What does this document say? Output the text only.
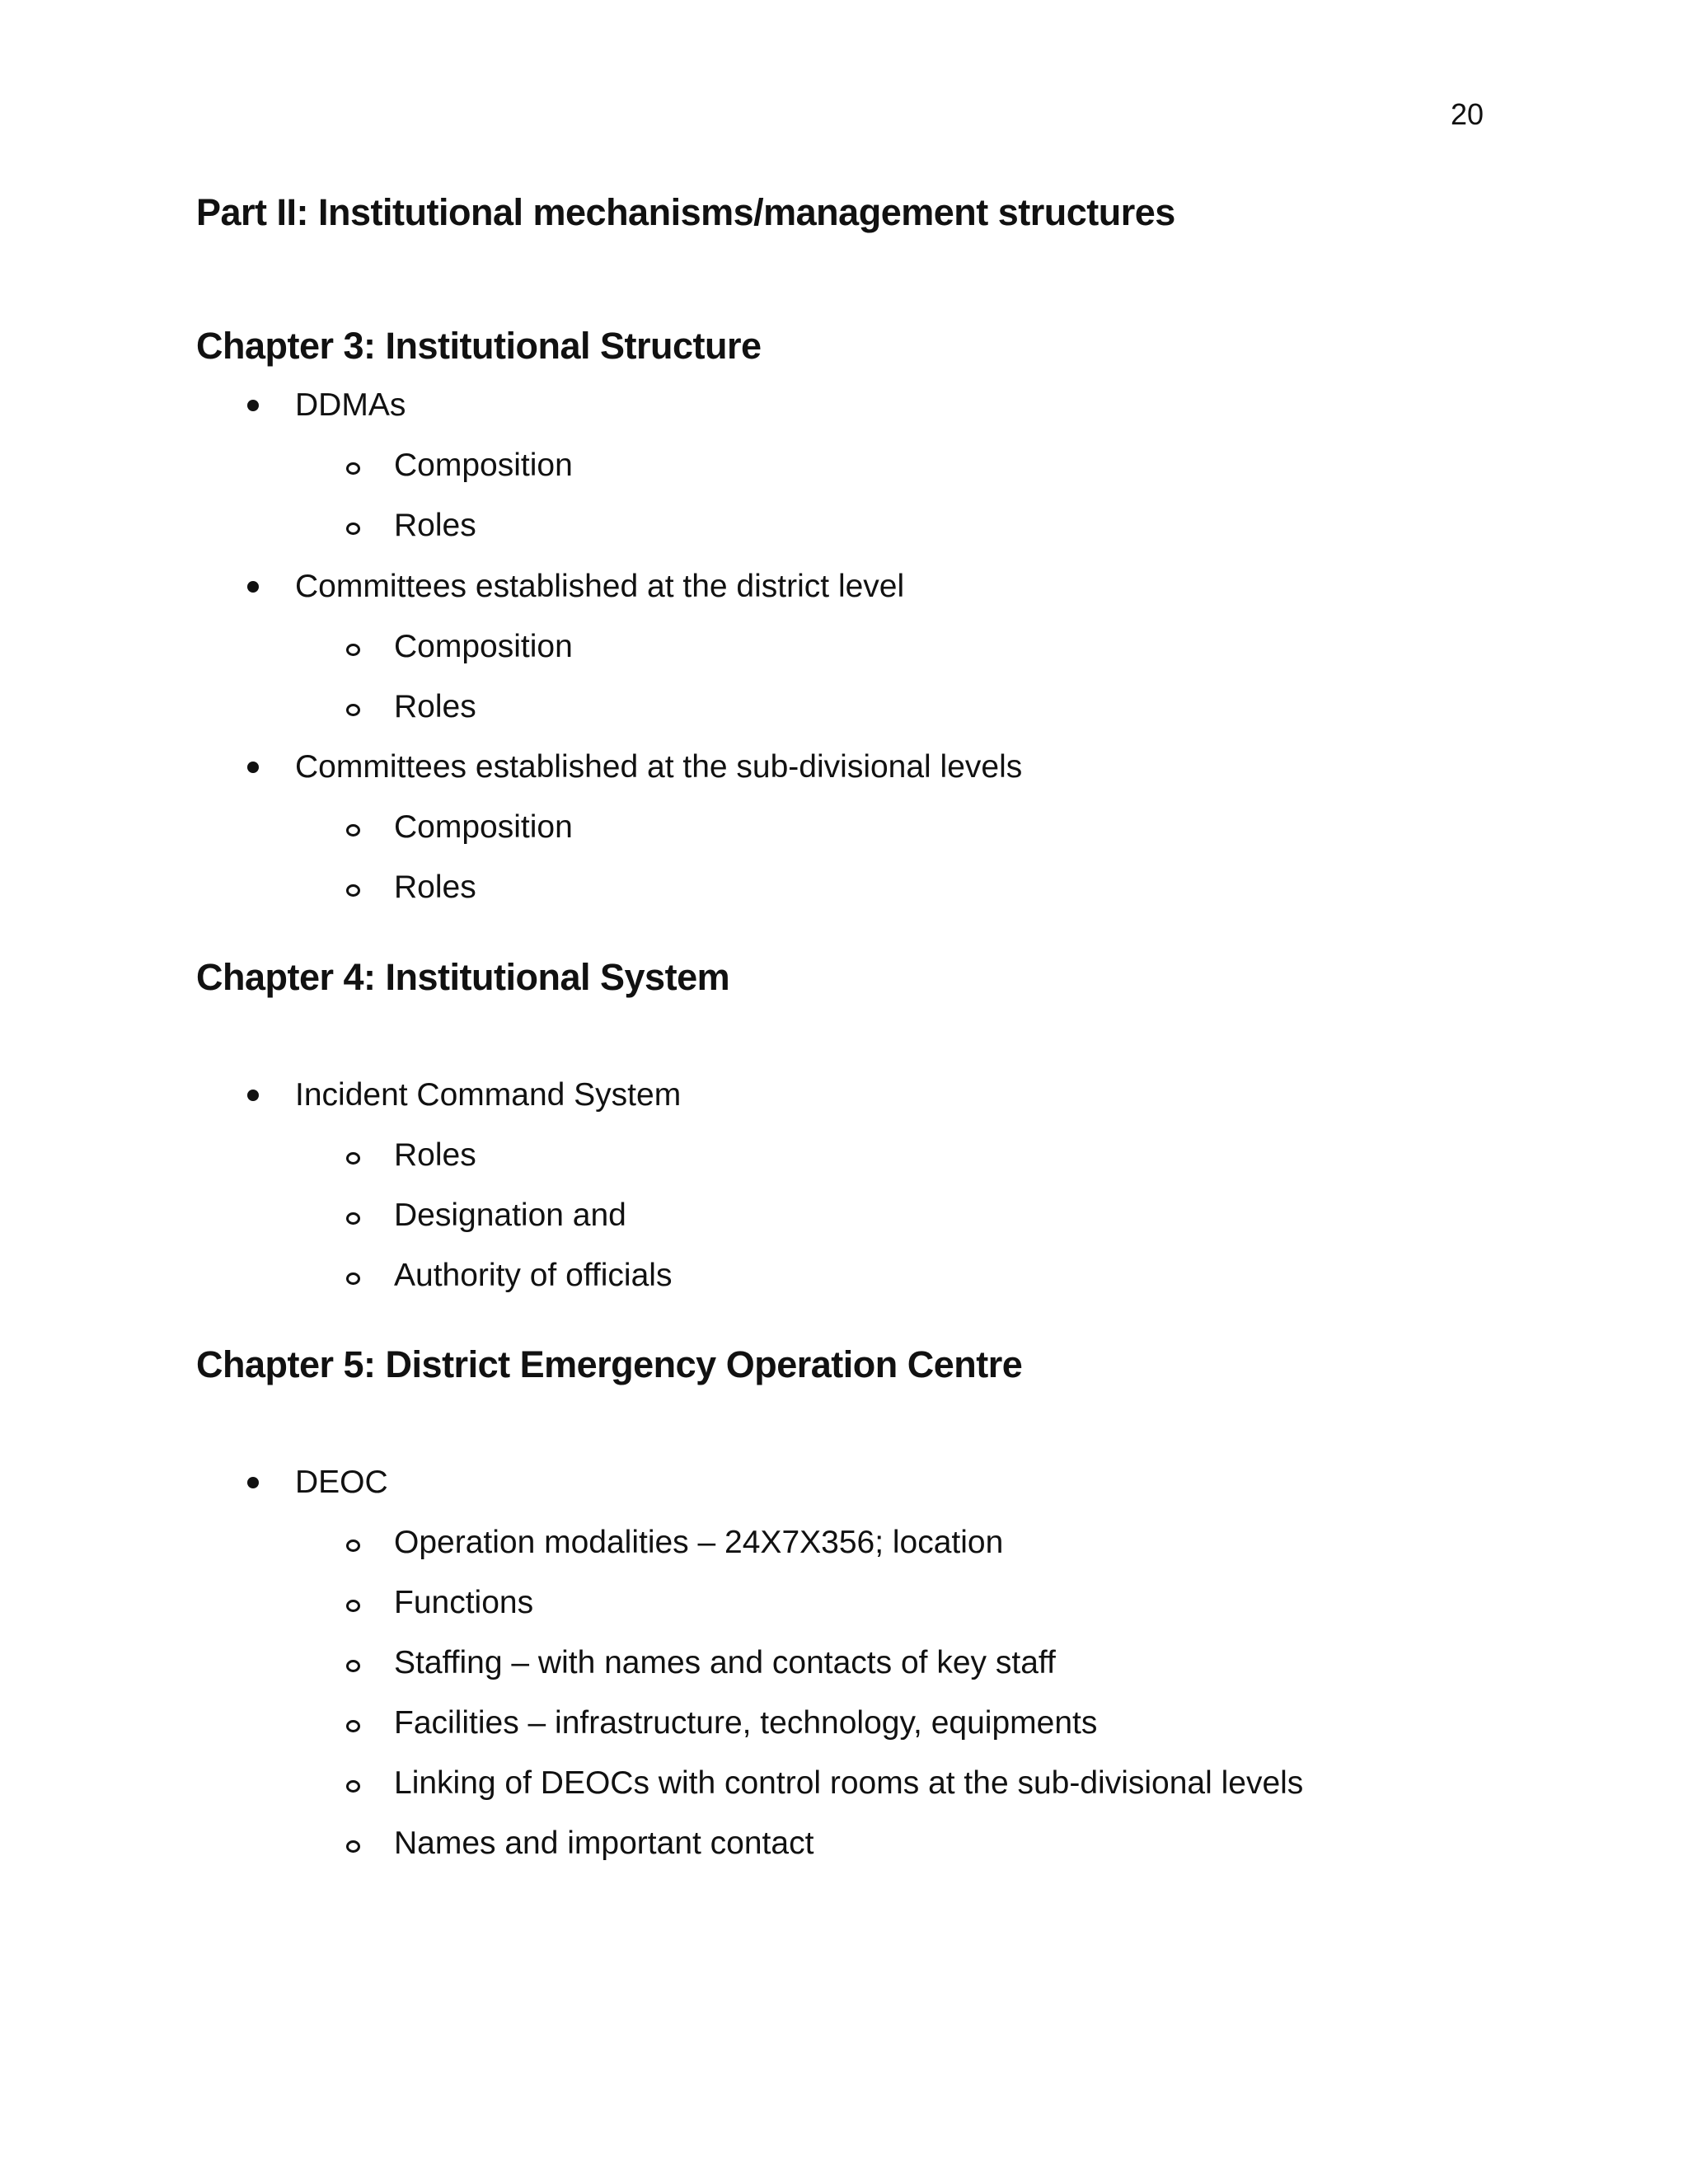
20
Part II: Institutional mechanisms/management structures
Chapter 3: Institutional Structure
DDMAs
Composition
Roles
Committees established at the district level
Composition
Roles
Committees established at the sub-divisional levels
Composition
Roles
Chapter 4: Institutional System
Incident Command System
Roles
Designation and
Authority of officials
Chapter 5: District Emergency Operation Centre
DEOC
Operation modalities – 24X7X356; location
Functions
Staffing – with names and contacts of key staff
Facilities – infrastructure, technology, equipments
Linking of DEOCs with control rooms at the sub-divisional levels
Names and important contact
